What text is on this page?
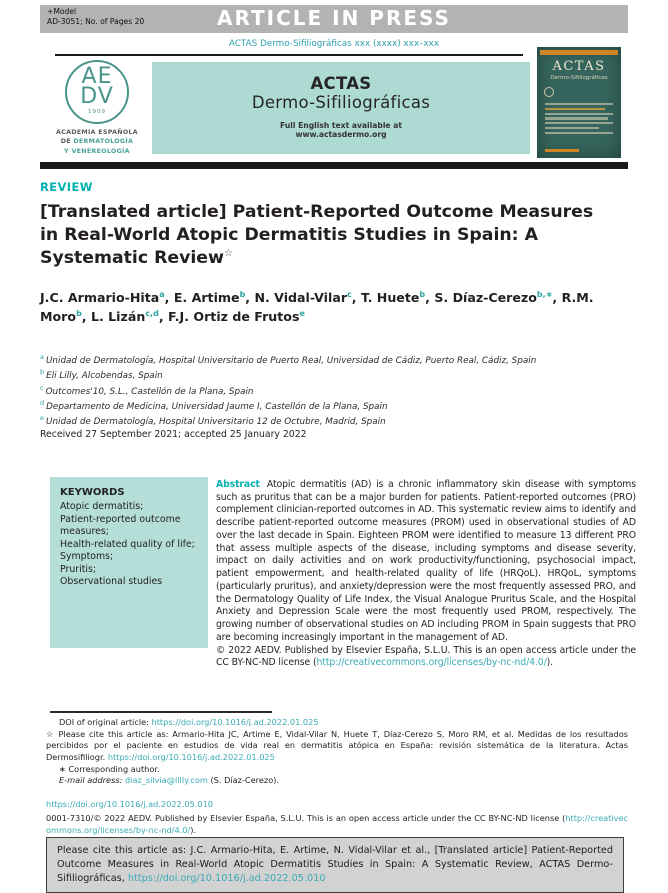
+Model
AD-3051; No. of Pages 20	ARTICLE IN PRESS
ACTAS Dermo-Sifiliográficas xxx (xxxx) xxx–xxx
AE
DV
1909
ACADEMIA ESPAÑOLA
DE DERMATOLOGÍA
Y VENEREOLOGÍA
ACTAS
Dermo-Sifiliográficas
Full English text available at
www.actasdermo.org
ACTAS
Dermo-Sifiliográficas
REVIEW
[Translated article] Patient-Reported Outcome Measures in Real-World Atopic Dermatitis Studies in Spain: A Systematic Review☆
J.C. Armario-Hita$^a$, E. Artime$^b$, N. Vidal-Vilar$^c$, T. Huete$^b$, S. Díaz-Cerezo$^{b,∗}$, R.M. Moro$^b$, L. Lizán$^{c,d}$, F.J. Ortiz de Frutos$^e$
$^a$ Unidad de Dermatología, Hospital Universitario de Puerto Real, Universidad de Cádiz, Puerto Real, Cádiz, Spain
$^b$ Eli Lilly, Alcobendas, Spain
$^c$ Outcomes'10, S.L., Castellón de la Plana, Spain
$^d$ Departamento de Medicina, Universidad Jaume I, Castellón de la Plana, Spain
$^e$ Unidad de Dermatología, Hospital Universitario 12 de Octubre, Madrid, Spain
Received 27 September 2021; accepted 25 January 2022
KEYWORDS
Atopic dermatitis;
Patient-reported outcome measures;
Health-related quality of life;
Symptoms;
Pruritis;
Observational studies

Abstract Atopic dermatitis (AD) is a chronic inflammatory skin disease with symptoms such as pruritus that can be a major burden for patients. Patient-reported outcomes (PRO) complement clinician-reported outcomes in AD. This systematic review aims to identify and describe patient-reported outcome measures (PROM) used in observational studies of AD over the last decade in Spain. Eighteen PROM were identified to measure 13 different PRO that assess multiple aspects of the disease, including symptoms and disease severity, impact on daily activities and on work productivity/functioning, psychosocial impact, patient empowerment, and health-related quality of life (HRQoL). HRQoL, symptoms (particularly pruritus), and anxiety/depression were the most frequently assessed PRO, and the Dermatology Quality of Life Index, the Visual Analogue Pruritus Scale, and the Hospital Anxiety and Depression Scale were the most frequently used PROM, respectively. The growing number of observational studies on AD including PROM in Spain suggests that PRO are becoming increasingly important in the management of AD.

© 2022 AEDV. Published by Elsevier España, S.L.U. This is an open access article under the CC BY-NC-ND license (http://creativecommons.org/licenses/by-nc-nd/4.0/).

DOI of original article: https://doi.org/10.1016/j.ad.2022.01.025

☆ Please cite this article as: Armario-Hita JC, Artime E, Vidal-Vilar N, Huete T, Díaz-Cerezo S, Moro RM, et al. Medidas de los resultados percibidos por el paciente en estudios de vida real en dermatitis atópica en España: revisión sistemática de la literatura. Actas Dermosifiliogr. https://doi.org/10.1016/j.ad.2022.01.025

∗ Corresponding author.

E-mail address: diaz_silvia@lilly.com (S. Díaz-Cerezo).

https://doi.org/10.1016/j.ad.2022.05.010

0001-7310/© 2022 AEDV. Published by Elsevier España, S.L.U. This is an open access article under the CC BY-NC-ND license (http://creativecommons.org/licenses/by-nc-nd/4.0/).

Please cite this article as: J.C. Armario-Hita, E. Artime, N. Vidal-Vilar et al., [Translated article] Patient-Reported Outcome Measures in Real-World Atopic Dermatitis Studies in Spain: A Systematic Review, ACTAS Dermo-Sifiliográficas, https://doi.org/10.1016/j.ad.2022.05.010
